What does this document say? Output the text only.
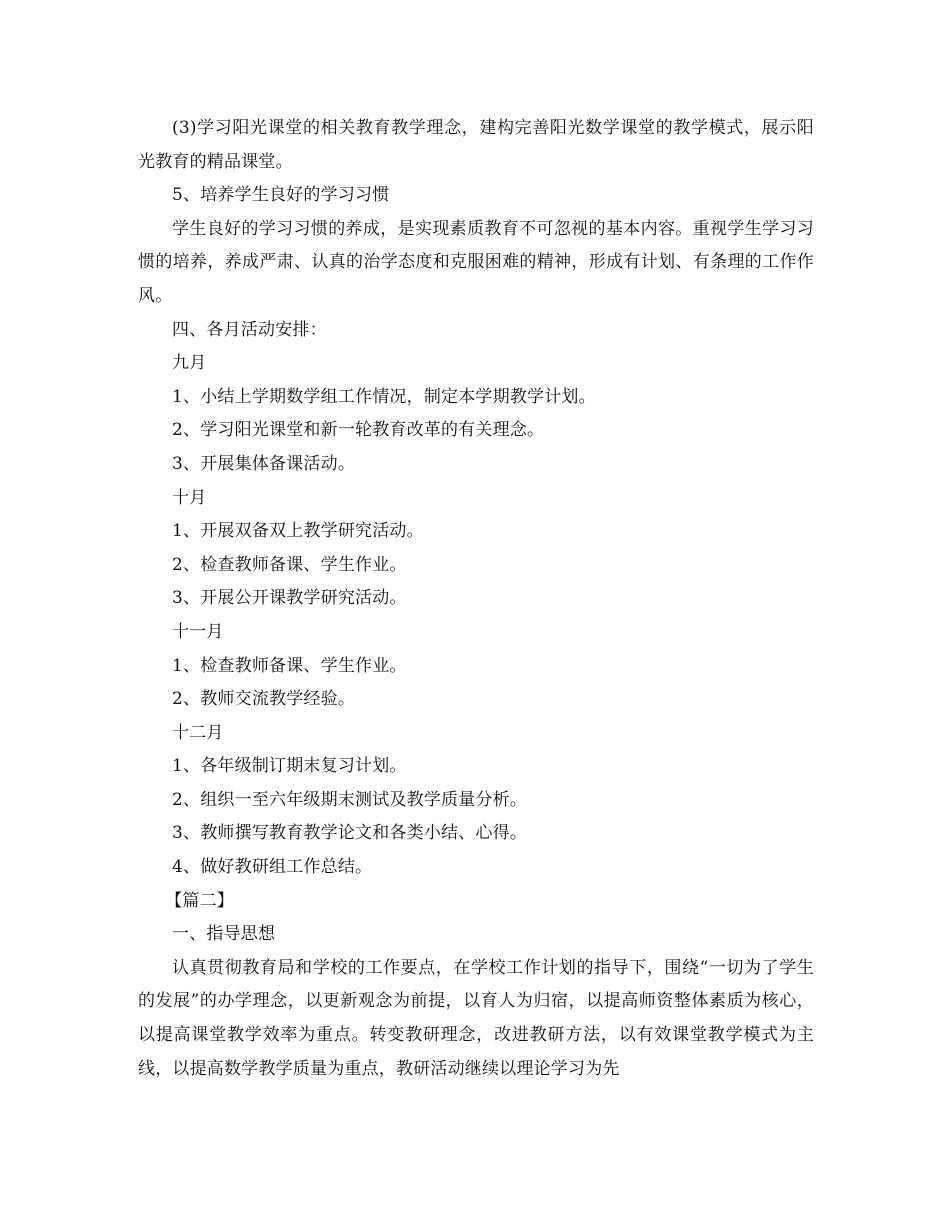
(3)学习阳光课堂的相关教育教学理念，建构完善阳光数学课堂的教学模式，展示阳光教育的精品课堂。

5、培养学生良好的学习习惯

学生良好的学习习惯的养成，是实现素质教育不可忽视的基本内容。重视学生学习习惯的培养，养成严肃、认真的治学态度和克服困难的精神，形成有计划、有条理的工作作风。

四、各月活动安排：

九月

1、小结上学期数学组工作情况，制定本学期教学计划。

2、学习阳光课堂和新一轮教育改革的有关理念。

3、开展集体备课活动。

十月

1、开展双备双上教学研究活动。

2、检查教师备课、学生作业。

3、开展公开课教学研究活动。

十一月

1、检查教师备课、学生作业。

2、教师交流教学经验。

十二月

1、各年级制订期末复习计划。

2、组织一至六年级期末测试及教学质量分析。

3、教师撰写教育教学论文和各类小结、心得。

4、做好教研组工作总结。

【篇二】

一、指导思想

认真贯彻教育局和学校的工作要点，在学校工作计划的指导下，围绕“一切为了学生的发展”的办学理念，以更新观念为前提，以育人为归宿，以提高师资整体素质为核心，以提高课堂教学效率为重点。转变教研理念，改进教研方法，以有效课堂教学模式为主线，以提高数学教学质量为重点，教研活动继续以理论学习为先
